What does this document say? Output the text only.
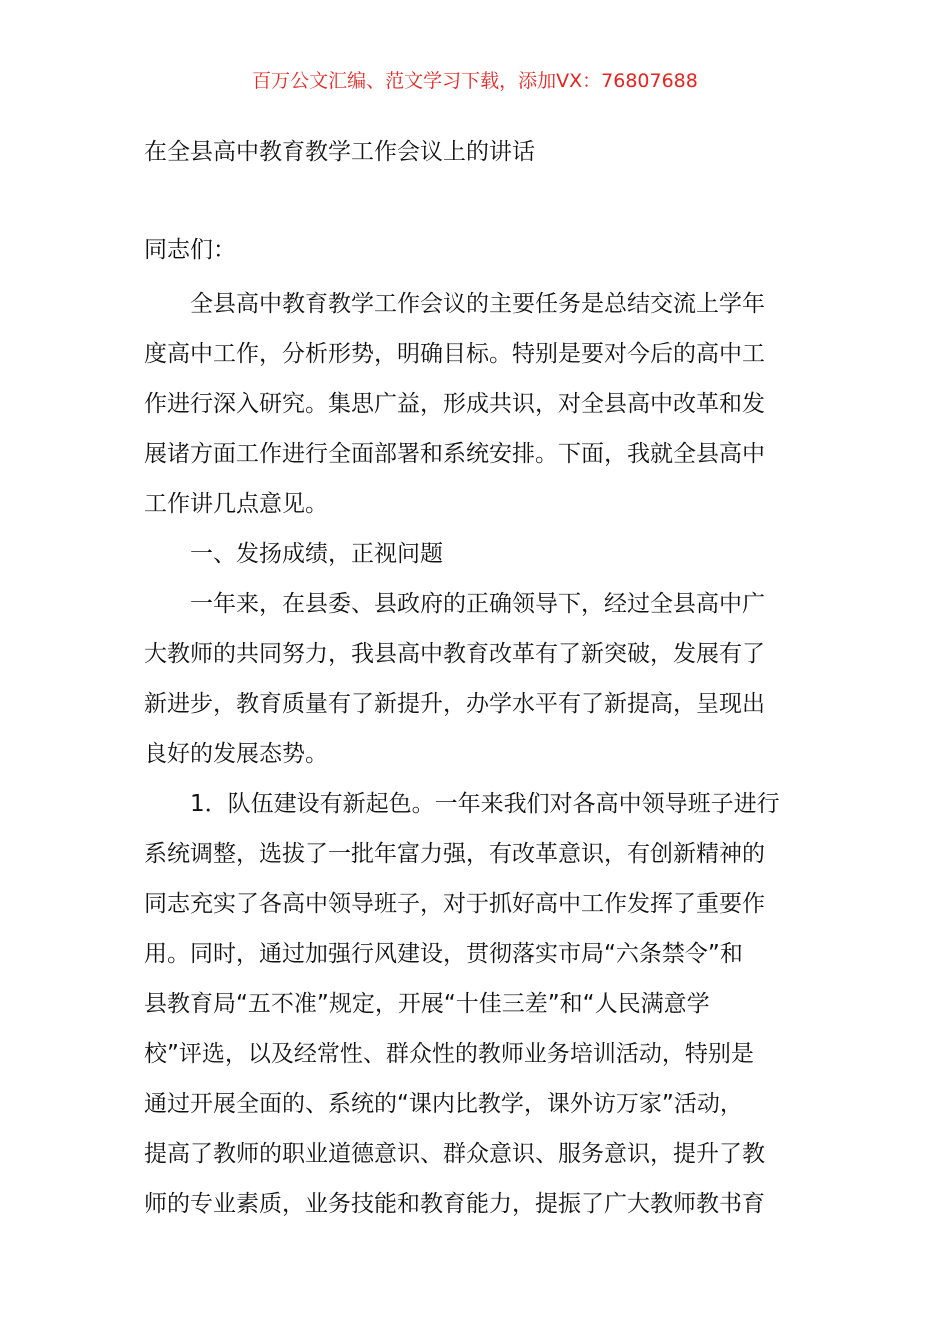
百万公文汇编、范文学习下载，添加VX：76807688
在全县高中教育教学工作会议上的讲话
同志们：
全县高中教育教学工作会议的主要任务是总结交流上学年
度高中工作，分析形势，明确目标。特别是要对今后的高中工
作进行深入研究。集思广益，形成共识，对全县高中改革和发
展诸方面工作进行全面部署和系统安排。下面，我就全县高中
工作讲几点意见。
一、发扬成绩，正视问题
一年来，在县委、县政府的正确领导下，经过全县高中广
大教师的共同努力，我县高中教育改革有了新突破，发展有了
新进步，教育质量有了新提升，办学水平有了新提高，呈现出
良好的发展态势。
1．队伍建设有新起色。一年来我们对各高中领导班子进行
系统调整，选拔了一批年富力强，有改革意识，有创新精神的
同志充实了各高中领导班子，对于抓好高中工作发挥了重要作
用。同时，通过加强行风建设，贯彻落实市局“六条禁令”和
县教育局“五不准”规定，开展“十佳三差”和“人民满意学
校”评选，以及经常性、群众性的教师业务培训活动，特别是
通过开展全面的、系统的“课内比教学，课外访万家”活动，
提高了教师的职业道德意识、群众意识、服务意识，提升了教
师的专业素质，业务技能和教育能力，提振了广大教师教书育
